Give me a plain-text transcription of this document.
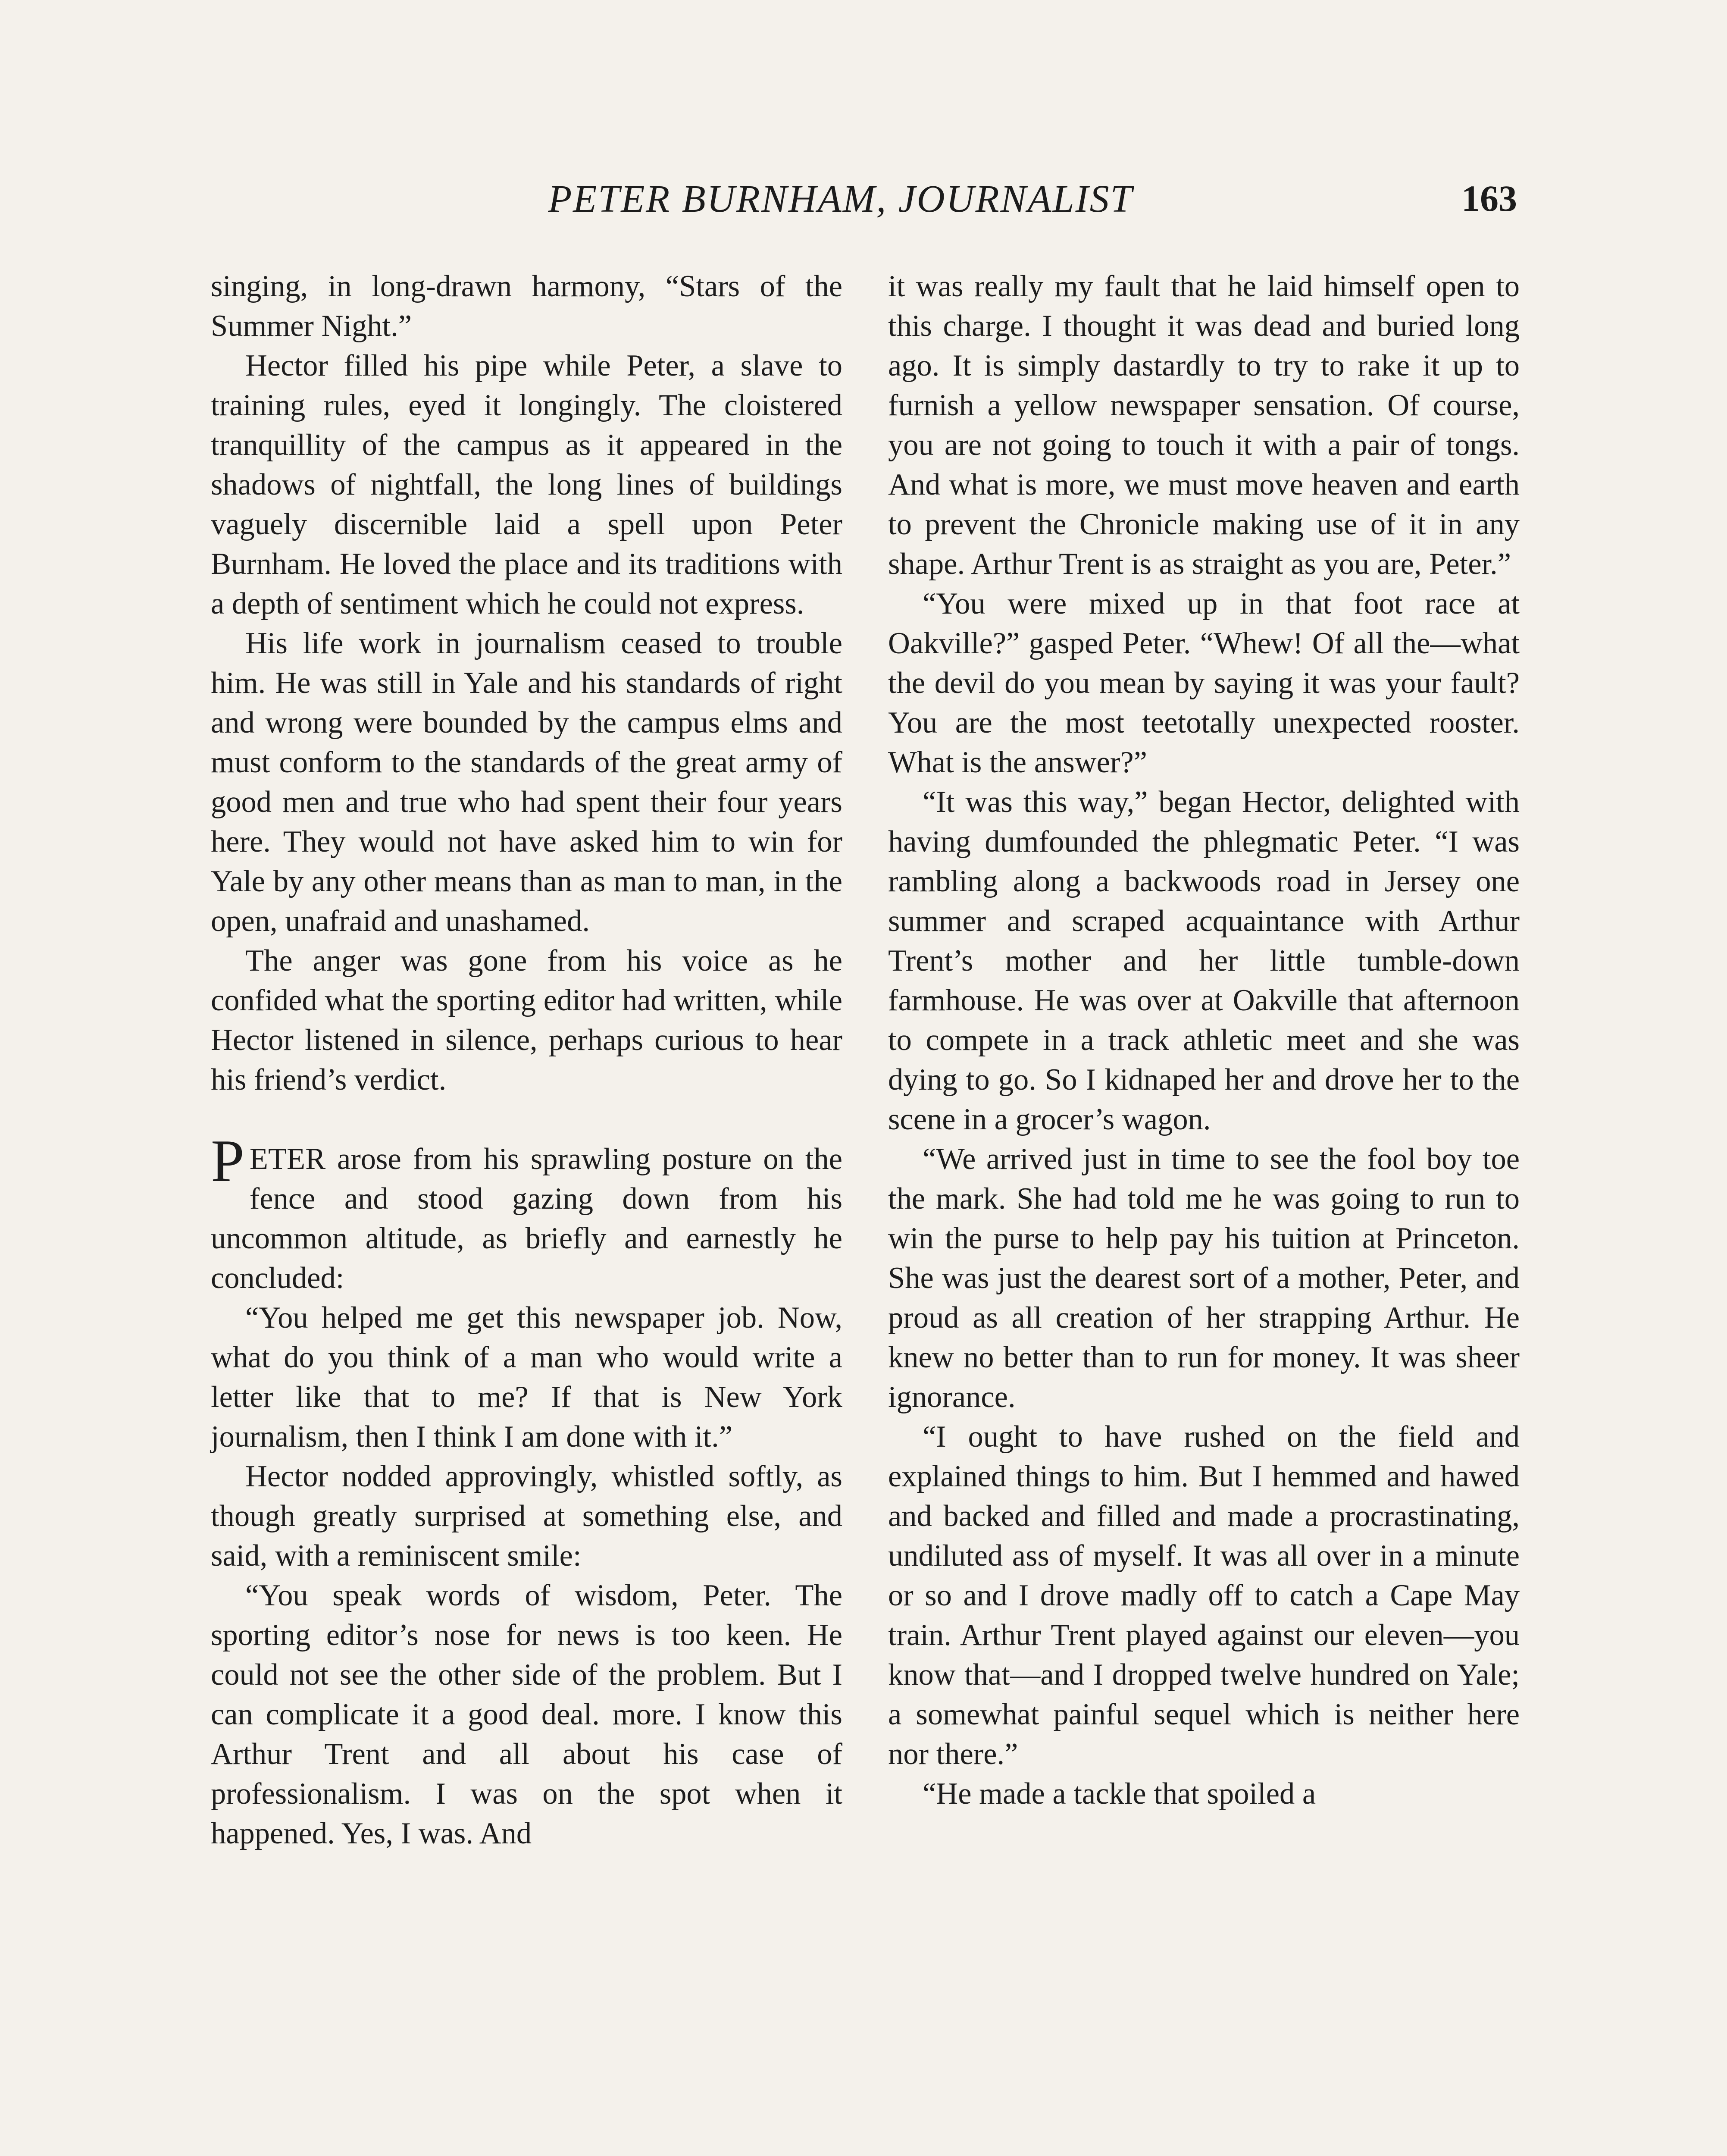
PETER BURNHAM, JOURNALIST	163

singing, in long-drawn harmony, “Stars of the Summer Night.”

Hector filled his pipe while Peter, a slave to training rules, eyed it longingly. The cloistered tranquillity of the campus as it appeared in the shadows of nightfall, the long lines of buildings vaguely discernible laid a spell upon Peter Burnham. He loved the place and its traditions with a depth of sentiment which he could not express.

His life work in journalism ceased to trouble him. He was still in Yale and his standards of right and wrong were bounded by the campus elms and must conform to the standards of the great army of good men and true who had spent their four years here. They would not have asked him to win for Yale by any other means than as man to man, in the open, unafraid and unashamed.

The anger was gone from his voice as he confided what the sporting editor had written, while Hector listened in silence, perhaps curious to hear his friend’s verdict.

PETER arose from his sprawling posture on the fence and stood gazing down from his uncommon altitude, as briefly and earnestly he concluded:

“You helped me get this newspaper job. Now, what do you think of a man who would write a letter like that to me? If that is New York journalism, then I think I am done with it.”

Hector nodded approvingly, whistled softly, as though greatly surprised at something else, and said, with a reminiscent smile:

“You speak words of wisdom, Peter. The sporting editor’s nose for news is too keen. He could not see the other side of the problem. But I can complicate it a good deal. more. I know this Arthur Trent and all about his case of professionalism. I was on the spot when it happened. Yes, I was. And

it was really my fault that he laid himself open to this charge. I thought it was dead and buried long ago. It is simply dastardly to try to rake it up to furnish a yellow newspaper sensation. Of course, you are not going to touch it with a pair of tongs. And what is more, we must move heaven and earth to prevent the Chronicle making use of it in any shape. Arthur Trent is as straight as you are, Peter.”

“You were mixed up in that foot race at Oakville?” gasped Peter. “Whew! Of all the—what the devil do you mean by saying it was your fault? You are the most teetotally unexpected rooster. What is the answer?”

“It was this way,” began Hector, delighted with having dumfounded the phlegmatic Peter. “I was rambling along a backwoods road in Jersey one summer and scraped acquaintance with Arthur Trent’s mother and her little tumble-down farmhouse. He was over at Oakville that afternoon to compete in a track athletic meet and she was dying to go. So I kidnaped her and drove her to the scene in a grocer’s wagon.

“We arrived just in time to see the fool boy toe the mark. She had told me he was going to run to win the purse to help pay his tuition at Princeton. She was just the dearest sort of a mother, Peter, and proud as all creation of her strapping Arthur. He knew no better than to run for money. It was sheer ignorance.

“I ought to have rushed on the field and explained things to him. But I hemmed and hawed and backed and filled and made a procrastinating, undiluted ass of myself. It was all over in a minute or so and I drove madly off to catch a Cape May train. Arthur Trent played against our eleven—you know that—and I dropped twelve hundred on Yale; a somewhat painful sequel which is neither here nor there.”

“He made a tackle that spoiled a
